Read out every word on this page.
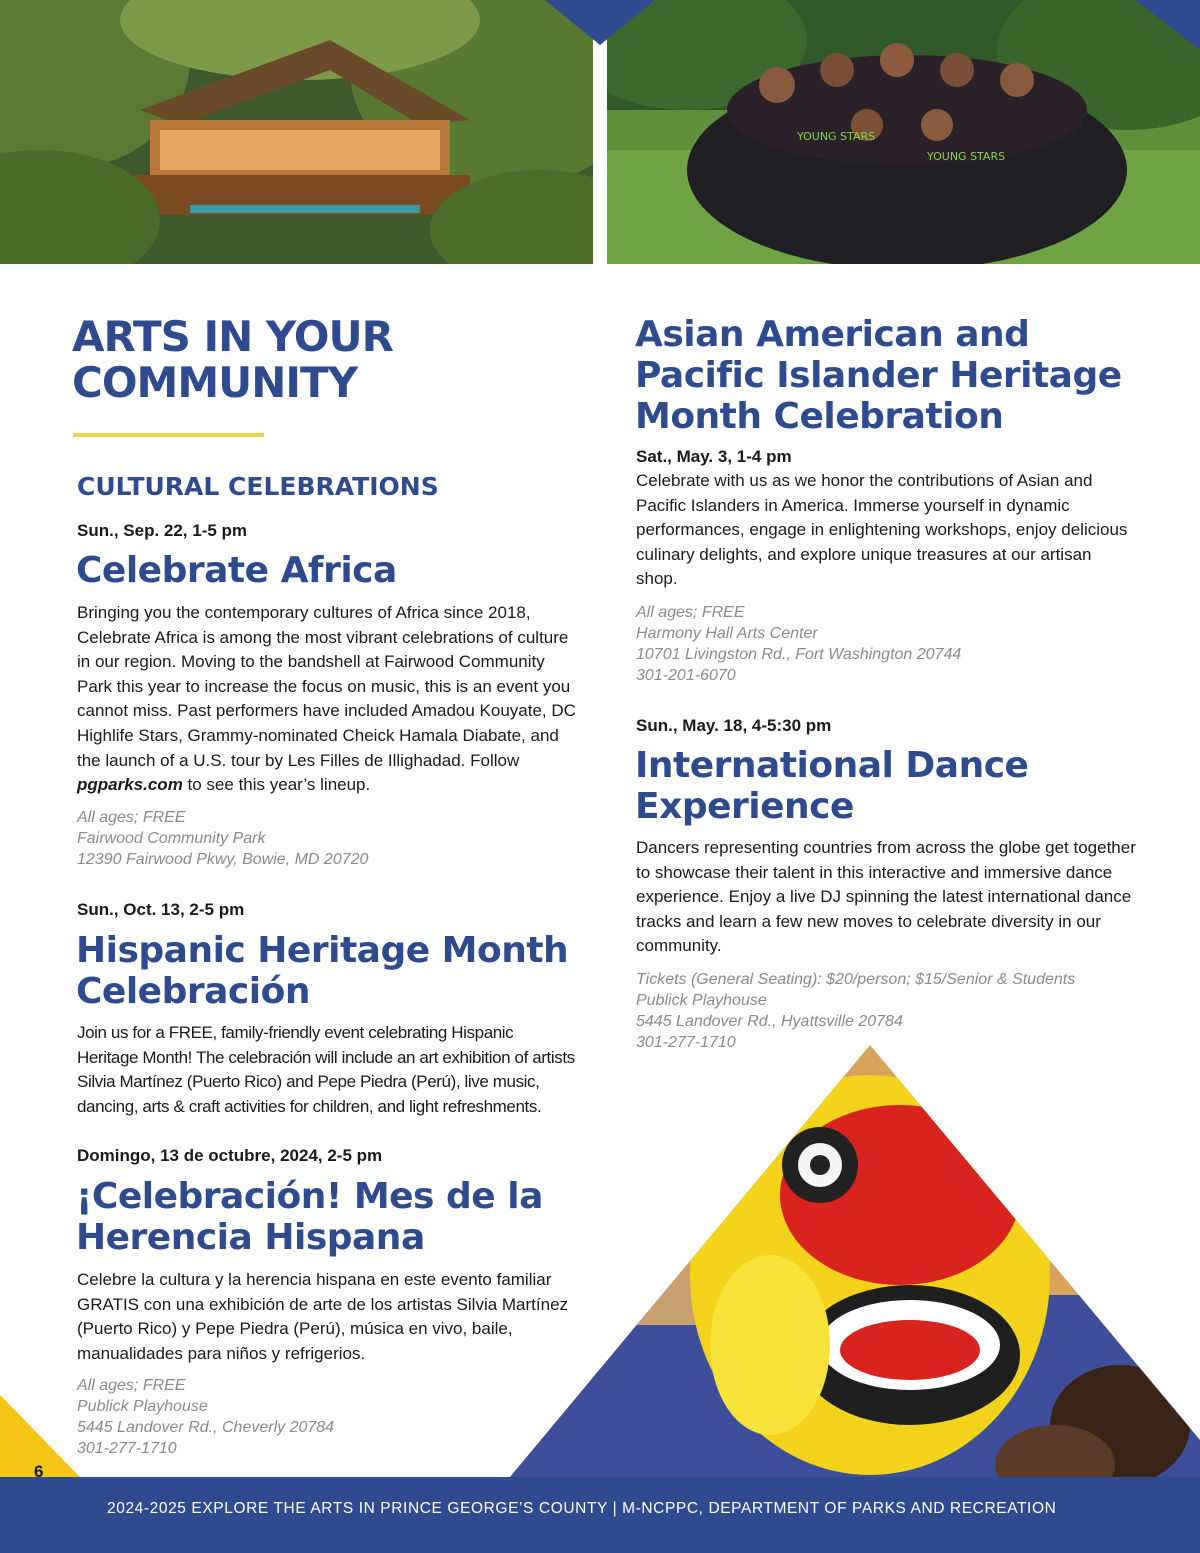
YOUNG STARS
YOUNG STARS
ARTS IN YOUR
COMMUNITY
CULTURAL CELEBRATIONS
Sun., Sep. 22, 1-5 pm
Celebrate Africa
Bringing you the contemporary cultures of Africa since 2018, Celebrate Africa is among the most vibrant celebrations of culture in our region. Moving to the bandshell at Fairwood Community Park this year to increase the focus on music, this is an event you cannot miss. Past performers have included Amadou Kouyate, DC Highlife Stars, Grammy-nominated Cheick Hamala Diabate, and the launch of a U.S. tour by Les Filles de Illighadad. Follow pgparks.com to see this year’s lineup.
All ages; FREE
Fairwood Community Park
12390 Fairwood Pkwy, Bowie, MD 20720
Sun., Oct. 13, 2-5 pm
Hispanic Heritage Month
Celebración
Join us for a FREE, family-friendly event celebrating Hispanic Heritage Month! The celebración will include an art exhibition of artists Silvia Martínez (Puerto Rico) and Pepe Piedra (Perú), live music, dancing, arts & craft activities for children, and light refreshments.
Domingo, 13 de octubre, 2024, 2-5 pm
¡Celebración! Mes de la
Herencia Hispana
Celebre la cultura y la herencia hispana en este evento familiar GRATIS con una exhibición de arte de los artistas Silvia Martínez (Puerto Rico) y Pepe Piedra (Perú), música en vivo, baile, manualidades para niños y refrigerios.
All ages; FREE
Publick Playhouse
5445 Landover Rd., Cheverly 20784
301-277-1710
Asian American and
Pacific Islander Heritage
Month Celebration
Sat., May. 3, 1-4 pm
Celebrate with us as we honor the contributions of Asian and Pacific Islanders in America. Immerse yourself in dynamic performances, engage in enlightening workshops, enjoy delicious culinary delights, and explore unique treasures at our artisan shop.
All ages; FREE
Harmony Hall Arts Center
10701 Livingston Rd., Fort Washington 20744
301-201-6070
Sun., May. 18, 4-5:30 pm
International Dance
Experience
Dancers representing countries from across the globe get together to showcase their talent in this interactive and immersive dance experience. Enjoy a live DJ spinning the latest international dance tracks and learn a few new moves to celebrate diversity in our community.
Tickets (General Seating): $20/person; $15/Senior & Students
Publick Playhouse
5445 Landover Rd., Hyattsville 20784
301-277-1710
6
2024-2025 EXPLORE THE ARTS IN PRINCE GEORGE’S COUNTY | M-NCPPC, DEPARTMENT OF PARKS AND RECREATION
